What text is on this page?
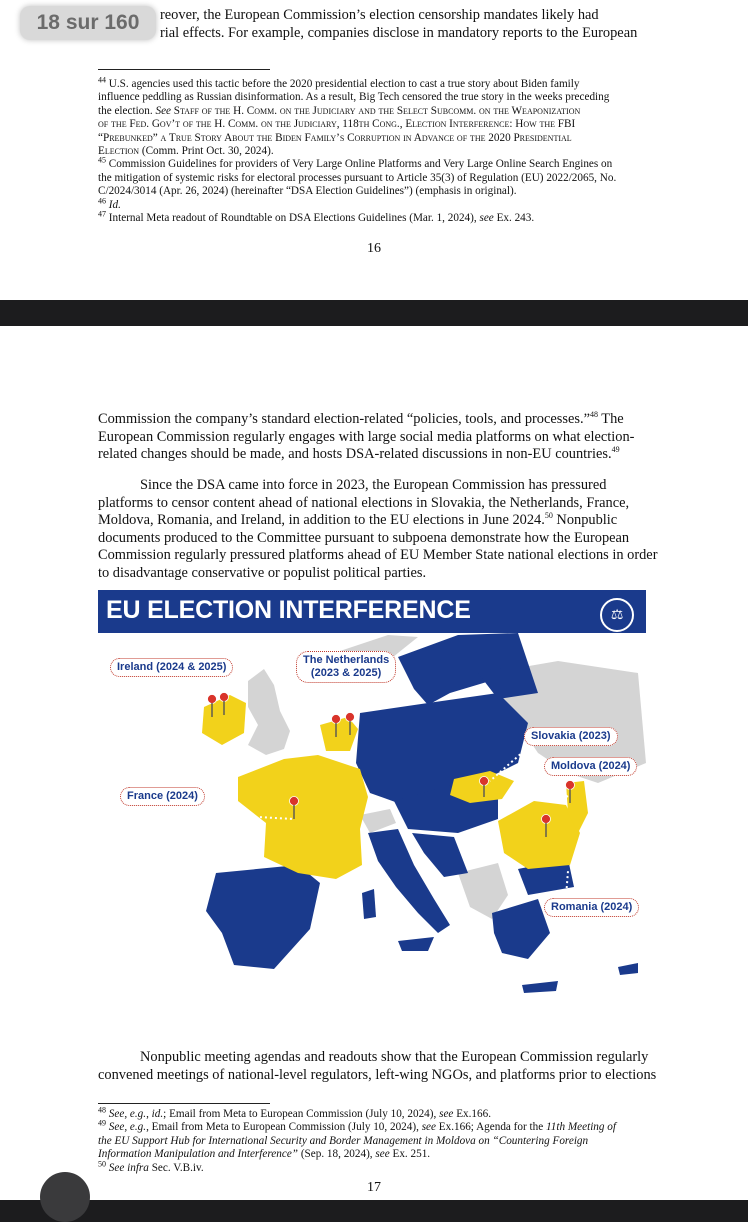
reover, the European Commission’s election censorship mandates likely had
rial effects. For example, companies disclose in mandatory reports to the European
$^{44}$ U.S. agencies used this tactic before the 2020 presidential election to cast a true story about Biden family
influence peddling as Russian disinformation. As a result, Big Tech censored the true story in the weeks preceding
the election. See Staff of the H. Comm. on the Judiciary and the Select Subcomm. on the Weaponization
of the Fed. Gov’t of the H. Comm. on the Judiciary, 118th Cong., Election Interference: How the FBI
“Prebunked” a True Story About the Biden Family’s Corruption in Advance of the 2020 Presidential
Election (Comm. Print Oct. 30, 2024).
$^{45}$ Commission Guidelines for providers of Very Large Online Platforms and Very Large Online Search Engines on
the mitigation of systemic risks for electoral processes pursuant to Article 35(3) of Regulation (EU) 2022/2065, No.
C/2024/3014 (Apr. 26, 2024) (hereinafter “DSA Election Guidelines”) (emphasis in original).
$^{46}$ Id.
$^{47}$ Internal Meta readout of Roundtable on DSA Elections Guidelines (Mar. 1, 2024), see Ex. 243.
16
18 sur 160
Commission the company’s standard election-related “policies, tools, and processes.”$^{48}$ The
European Commission regularly engages with large social media platforms on what election-
related changes should be made, and hosts DSA-related discussions in non-EU countries.$^{49}$
Since the DSA came into force in 2023, the European Commission has pressured
platforms to censor content ahead of national elections in Slovakia, the Netherlands, France,
Moldova, Romania, and Ireland, in addition to the EU elections in June 2024.50 Nonpublic
documents produced to the Committee pursuant to subpoena demonstrate how the European
Commission regularly pressured platforms ahead of EU Member State national elections in order
to disadvantage conservative or populist political parties.
EU ELECTION INTERFERENCE	⚖
Ireland (2024 & 2025)
The Netherlands
(2023 & 2025)
Slovakia (2023)
Moldova (2024)
France (2024)
Romania (2024)
Nonpublic meeting agendas and readouts show that the European Commission regularly
convened meetings of national-level regulators, left-wing NGOs, and platforms prior to elections
$^{48}$ See, e.g., id.; Email from Meta to European Commission (July 10, 2024), see Ex.166.
$^{49}$ See, e.g., Email from Meta to European Commission (July 10, 2024), see Ex.166; Agenda for the 11th Meeting of
the EU Support Hub for International Security and Border Management in Moldova on “Countering Foreign
Information Manipulation and Interference” (Sep. 18, 2024), see Ex. 251.
$^{50}$ See infra Sec. V.B.iv.
17
